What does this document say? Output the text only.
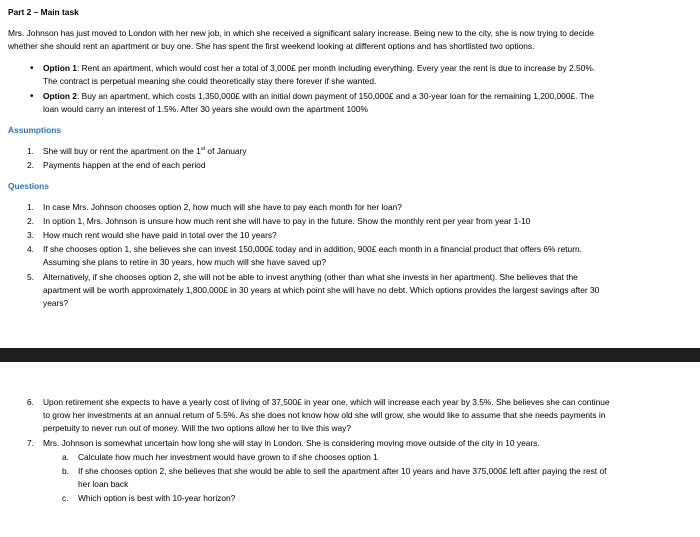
Part 2 – Main task
Mrs. Johnson has just moved to London with her new job, in which she received a significant salary increase. Being new to the city, she is now trying to decide
whether she should rent an apartment or buy one. She has spent the first weekend looking at different options and has shortlisted two options.
• Option 1: Rent an apartment, which would cost her a total of 3,000£ per month including everything. Every year the rent is due to increase by 2.50%.
The contract is perpetual meaning she could theoretically stay there forever if she wanted.
• Option 2: Buy an apartment, which costs 1,350,000£ with an initial down payment of 150,000£ and a 30-year loan for the remaining 1,200,000£. The
loan would carry an interest of 1.5%. After 30 years she would own the apartment 100%
Assumptions
1. She will buy or rent the apartment on the 1st of January
2. Payments happen at the end of each period
Questions
1. In case Mrs. Johnson chooses option 2, how much will she have to pay each month for her loan?
2. In option 1, Mrs. Johnson is unsure how much rent she will have to pay in the future. Show the monthly rent per year from year 1-10
3. How much rent would she have paid in total over the 10 years?
4. If she chooses option 1, she believes she can invest 150,000£ today and in addition, 900£ each month in a financial product that offers 6% return.
Assuming she plans to retire in 30 years, how much will she have saved up?
5. Alternatively, if she chooses option 2, she will not be able to invest anything (other than what she invests in her apartment). She believes that the
apartment will be worth approximately 1,800,000£ in 30 years at which point she will have no debt. Which options provides the largest savings after 30
years?
6. Upon retirement she expects to have a yearly cost of living of 37,500£ in year one, which will increase each year by 3.5%. She believes she can continue
to grow her investments at an annual return of 5.5%. As she does not know how old she will grow, she would like to assume that she needs payments in
perpetuity to never run out of money. Will the two options allow her to live this way?
7. Mrs. Johnson is somewhat uncertain how long she will stay in London. She is considering moving move outside of the city in 10 years.
a. Calculate how much her investment would have grown to if she chooses option 1
b. If she chooses option 2, she believes that she would be able to sell the apartment after 10 years and have 375,000£ left after paying the rest of
her loan back
c. Which option is best with 10-year horizon?
